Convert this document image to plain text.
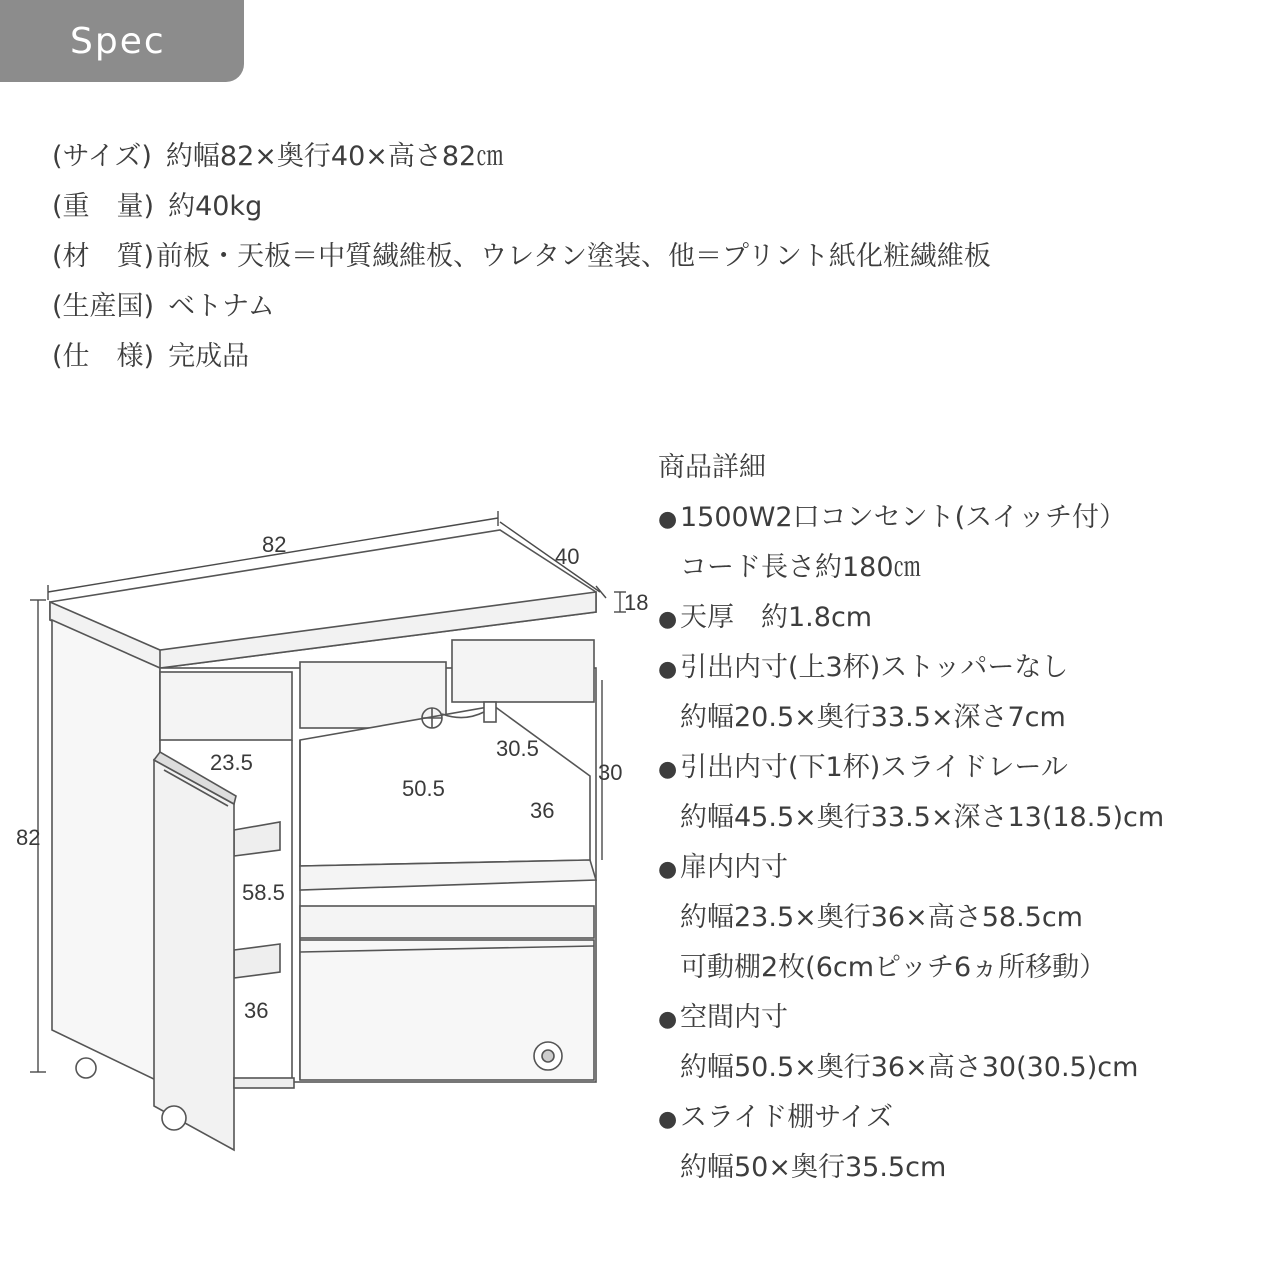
Spec
(サイズ) 約幅82×奥行40×高さ82㎝
(重　量) 約40kg
(材　質)前板・天板＝中質繊維板、ウレタン塗装、他＝プリント紙化粧繊維板
(生産国) ベトナム
(仕　様) 完成品
商品詳細
● 1500W2口コンセント(スイッチ付）
コード長さ約180㎝
● 天厚　約1.8cm
● 引出内寸(上3杯)ストッパーなし
約幅20.5×奥行33.5×深さ7cm
● 引出内寸(下1杯)スライドレール
約幅45.5×奥行33.5×深さ13(18.5)cm
● 扉内内寸
約幅23.5×奥行36×高さ58.5cm
可動棚2枚(6cmピッチ6ヵ所移動）
● 空間内寸
約幅50.5×奥行36×高さ30(30.5)cm
● スライド棚サイズ
約幅50×奥行35.5cm
82	40
18
82
23.5
58.5
36
50.5
30.5
36
30
